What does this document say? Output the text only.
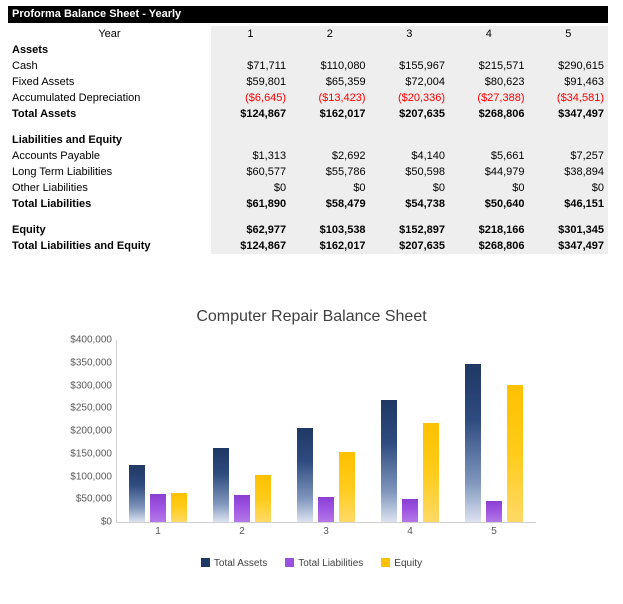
Proforma Balance Sheet - Yearly
Year	1	2	3	4	5
Assets					
Cash	$71,711	$110,080	$155,967	$215,571	$290,615
Fixed Assets	$59,801	$65,359	$72,004	$80,623	$91,463
Accumulated Depreciation	($6,645)	($13,423)	($20,336)	($27,388)	($34,581)
Total Assets	$124,867	$162,017	$207,635	$268,806	$347,497

Liabilities and Equity					
Accounts Payable	$1,313	$2,692	$4,140	$5,661	$7,257
Long Term Liabilities	$60,577	$55,786	$50,598	$44,979	$38,894
Other Liabilities	$0	$0	$0	$0	$0
Total Liabilities	$61,890	$58,479	$54,738	$50,640	$46,151

Equity	$62,977	$103,538	$152,897	$218,166	$301,345
Total Liabilities and Equity	$124,867	$162,017	$207,635	$268,806	$347,497
Computer Repair Balance Sheet
$0
$50,000
$100,000
$150,000
$200,000
$250,000
$300,000
$350,000
$400,000
1	2	3	4	5
Total Assets	Total Liabilities	Equity
